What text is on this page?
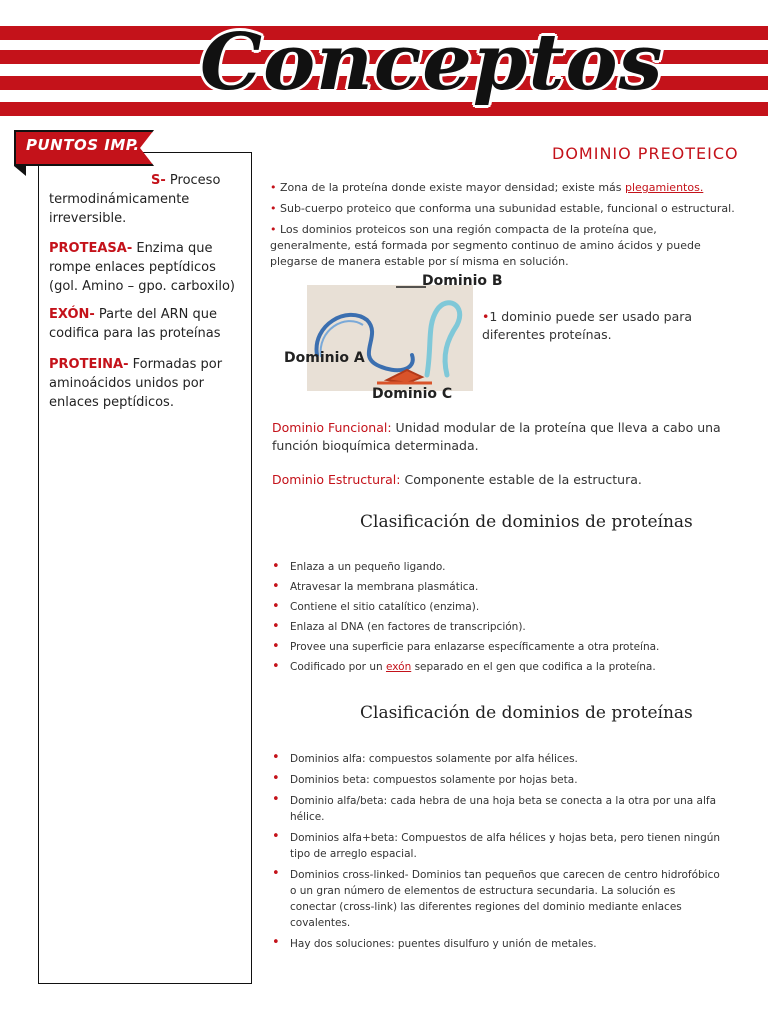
Conceptos
S- Proceso termodinámicamente irreversible.
PROTEASA- Enzima que rompe enlaces peptídicos (gol. Amino – gpo. carboxilo)
EXÓN- Parte del ARN que codifica para las proteínas
PROTEINA- Formadas por aminoácidos unidos por enlaces peptídicos.
PUNTOS IMP.	DOMINIO PREOTEICO
• Zona de la proteína donde existe mayor densidad; existe más plegamientos.
• Sub-cuerpo proteico que conforma una subunidad estable, funcional o estructural.
• Los dominios proteicos son una región compacta de la proteína que, generalmente, está formada por segmento continuo de amino ácidos y puede plegarse de manera estable por sí misma en solución.
Dominio B
Dominio A
Dominio C
•1 dominio puede ser usado para diferentes proteínas.
Dominio Funcional: Unidad modular de la proteína que lleva a cabo una función bioquímica determinada.
Dominio Estructural: Componente estable de la estructura.
Clasificación de dominios de proteínas
• Enlaza a un pequeño ligando.
• Atravesar la membrana plasmática.
• Contiene el sitio catalítico (enzima).
• Enlaza al DNA (en factores de transcripción).
• Provee una superficie para enlazarse específicamente a otra proteína.
• Codificado por un exón separado en el gen que codifica a la proteína.
Clasificación de dominios de proteínas
• Dominios alfa: compuestos solamente por alfa hélices.
• Dominios beta: compuestos solamente por hojas beta.
• Dominio alfa/beta: cada hebra de una hoja beta se conecta a la otra por una alfa hélice.
• Dominios alfa+beta: Compuestos de alfa hélices y hojas beta, pero tienen ningún tipo de arreglo espacial.
• Dominios cross-linked- Dominios tan pequeños que carecen de centro hidrofóbico o un gran número de elementos de estructura secundaria. La solución es conectar (cross-link) las diferentes regiones del dominio mediante enlaces covalentes.
• Hay dos soluciones: puentes disulfuro y unión de metales.
